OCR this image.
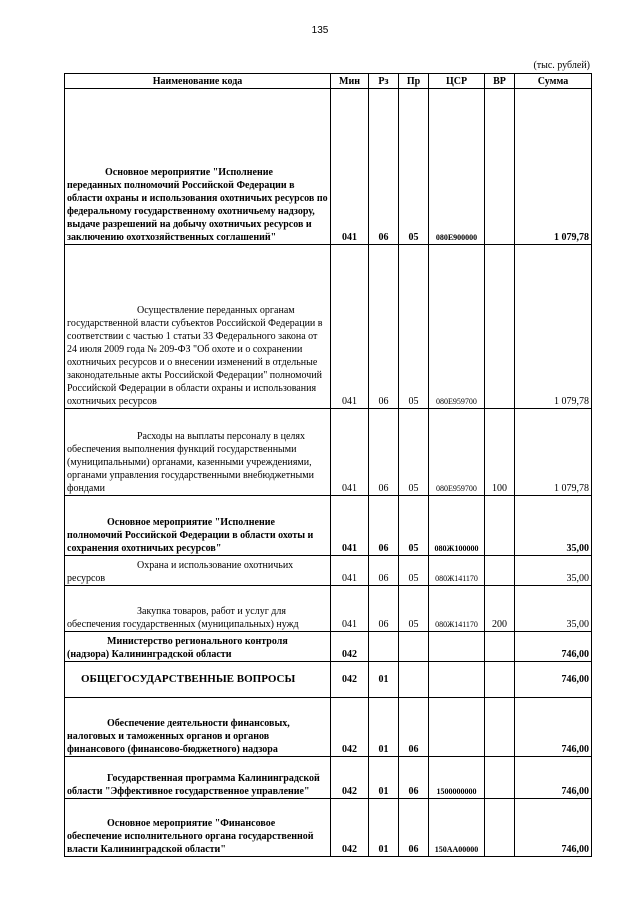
135
(тыс. рублей)
Наименование кода	Мин	Рз	Пр	ЦСР	ВР	Сумма

Основное мероприятие "Исполнение переданных полномочий Российской Федерации в области охраны и использования охотничьих ресурсов по федеральному государственному охотничьему надзору, выдаче разрешений на добычу охотничьих ресурсов и заключению охотхозяйственных соглашений"	041	06	05	080Е900000		1 079,78

Осуществление переданных органам государственной власти субъектов Российской Федерации в соответствии с частью 1 статьи 33 Федерального закона от 24 июля 2009 года № 209-ФЗ "Об охоте и о сохранении охотничьих ресурсов и о внесении изменений в отдельные законодательные акты Российской Федерации" полномочий Российской Федерации в области охраны и использования охотничьих ресурсов	041	06	05	080Е959700		1 079,78

Расходы на выплаты персоналу в целях обеспечения выполнения функций государственными (муниципальными) органами, казенными учреждениями, органами управления государственными внебюджетными фондами	041	06	05	080Е959700	100	1 079,78

Основное мероприятие "Исполнение полномочий Российской Федерации в области охоты и сохранения охотничьих ресурсов"	041	06	05	080Ж100000		35,00

Охрана и использование охотничьих ресурсов	041	06	05	080Ж141170		35,00

Закупка товаров, работ и услуг для обеспечения государственных (муниципальных) нужд	041	06	05	080Ж141170	200	35,00

Министерство регионального контроля (надзора) Калининградской области	042					746,00

ОБЩЕГОСУДАРСТВЕННЫЕ ВОПРОСЫ	042	01				746,00

Обеспечение деятельности финансовых, налоговых и таможенных органов и органов финансового (финансово-бюджетного) надзора	042	01	06			746,00

Государственная программа Калининградской области "Эффективное государственное управление"	042	01	06	1500000000		746,00

Основное мероприятие "Финансовое обеспечение исполнительного органа государственной власти Калининградской области"	042	01	06	150АА00000		746,00
